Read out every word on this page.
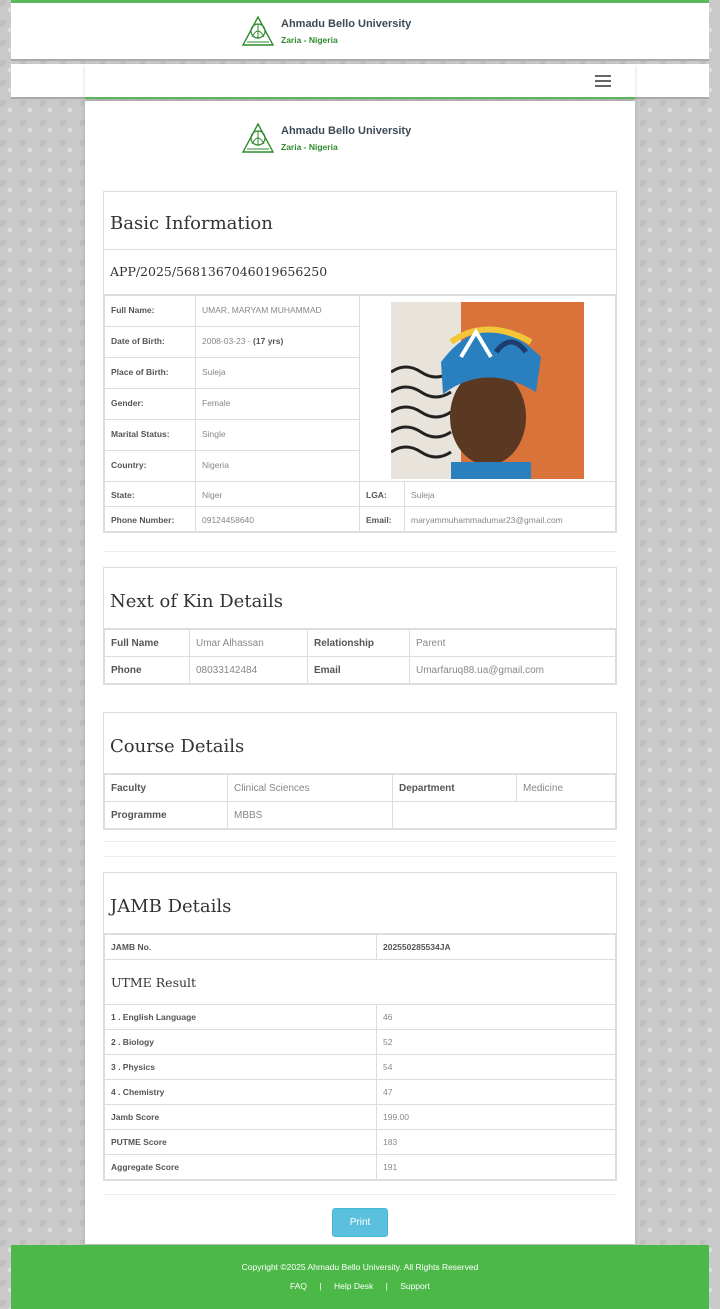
Ahmadu Bello University
Zaria - Nigeria
Ahmadu Bello University
Zaria - Nigeria
Basic Information
APP/2025/5681367046019656250
Full Name:	UMAR, MARYAM MUHAMMAD	
Date of Birth:	2008-03-23 - (17 yrs)		
Place of Birth:	Suleja		
Gender:	Female		
Marital Status:	Single		
Country:	Nigeria		
State:	Niger	LGA:	Suleja
Phone Number:	09124458640	Email:	maryammuhammadumar23@gmail.com
Next of Kin Details
Full Name	Umar Alhassan	Relationship	Parent
Phone	08033142484	Email	Umarfaruq88.ua@gmail.com
Course Details
Faculty	Clinical Sciences	Department	Medicine
Programme	MBBS		
JAMB Details
JAMB No.	202550285534JA
UTME Result	
1 . English Language	46
2 . Biology	52
3 . Physics	54
4 . Chemistry	47
Jamb Score	199.00
PUTME Score	183
Aggregate Score	191
Print
Copyright ©2025 Ahmadu Bello University. All Rights Reserved
FAQ | Help Desk | Support
